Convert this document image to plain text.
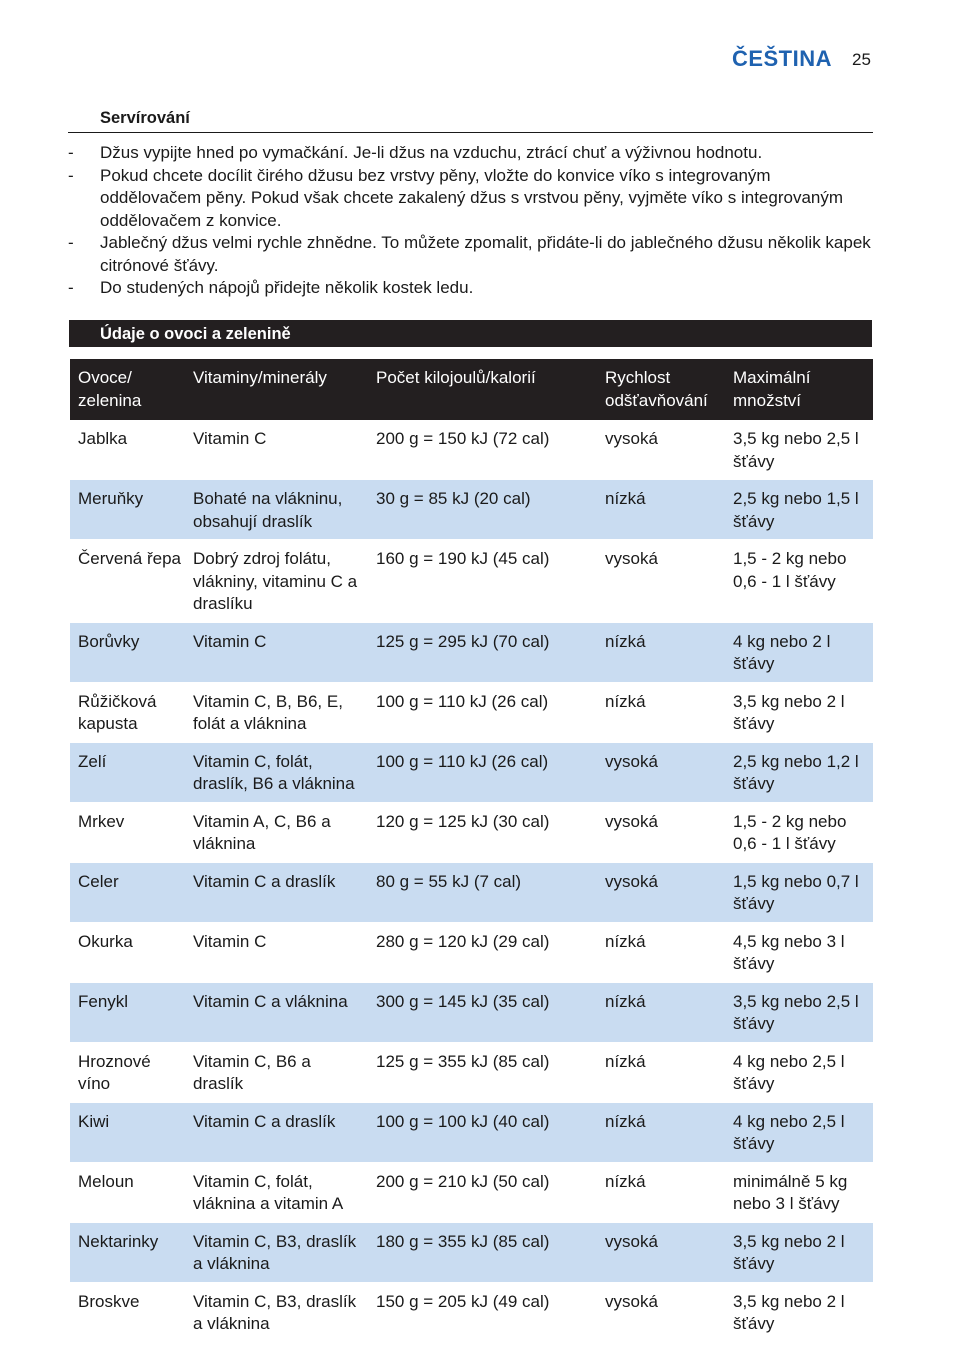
ČEŠTINA 25
Servírování
- Džus vypijte hned po vymačkání. Je-li džus na vzduchu, ztrácí chuť a výživnou hodnotu.
- Pokud chcete docílit čirého džusu bez vrstvy pěny, vložte do konvice víko s integrovaným oddělovačem pěny. Pokud však chcete zakalený džus s vrstvou pěny, vyjměte víko s integrovaným oddělovačem z konvice.
- Jablečný džus velmi rychle zhnědne. To můžete zpomalit, přidáte-li do jablečného džusu několik kapek citrónové šťávy.
- Do studených nápojů přidejte několik kostek ledu.
Údaje o ovoci a zelenině
Ovoce/ zelenina	Vitaminy/minerály	Počet kilojoulů/kalorií	Rychlost odšťavňování	Maximální množství
Jablka	Vitamin C	200 g = 150 kJ (72 cal)	vysoká	3,5 kg nebo 2,5 l šťávy
Meruňky	Bohaté na vlákninu, obsahují draslík	30 g = 85 kJ (20 cal)	nízká	2,5 kg nebo 1,5 l šťávy
Červená řepa	Dobrý zdroj folátu, vlákniny, vitaminu C a draslíku	160 g = 190 kJ (45 cal)	vysoká	1,5 - 2 kg nebo 0,6 - 1 l šťávy
Borůvky	Vitamin C	125 g = 295 kJ (70 cal)	nízká	4 kg nebo 2 l šťávy
Růžičková kapusta	Vitamin C, B, B6, E, folát a vláknina	100 g = 110 kJ (26 cal)	nízká	3,5 kg nebo 2 l šťávy
Zelí	Vitamin C, folát, draslík, B6 a vláknina	100 g = 110 kJ (26 cal)	vysoká	2,5 kg nebo 1,2 l šťávy
Mrkev	Vitamin A, C, B6 a vláknina	120 g = 125 kJ (30 cal)	vysoká	1,5 - 2 kg nebo 0,6 - 1 l šťávy
Celer	Vitamin C a draslík	80 g = 55 kJ (7 cal)	vysoká	1,5 kg nebo 0,7 l šťávy
Okurka	Vitamin C	280 g = 120 kJ (29 cal)	nízká	4,5 kg nebo 3 l šťávy
Fenykl	Vitamin C a vláknina	300 g = 145 kJ (35 cal)	nízká	3,5 kg nebo 2,5 l šťávy
Hroznové víno	Vitamin C, B6 a draslík	125 g = 355 kJ (85 cal)	nízká	4 kg nebo 2,5 l šťávy
Kiwi	Vitamin C a draslík	100 g = 100 kJ (40 cal)	nízká	4 kg nebo 2,5 l šťávy
Meloun	Vitamin C, folát, vláknina a vitamin A	200 g = 210 kJ (50 cal)	nízká	minimálně 5 kg nebo 3 l šťávy
Nektarinky	Vitamin C, B3, draslík a vláknina	180 g = 355 kJ (85 cal)	vysoká	3,5 kg nebo 2 l šťávy
Broskve	Vitamin C, B3, draslík a vláknina	150 g = 205 kJ (49 cal)	vysoká	3,5 kg nebo 2 l šťávy
